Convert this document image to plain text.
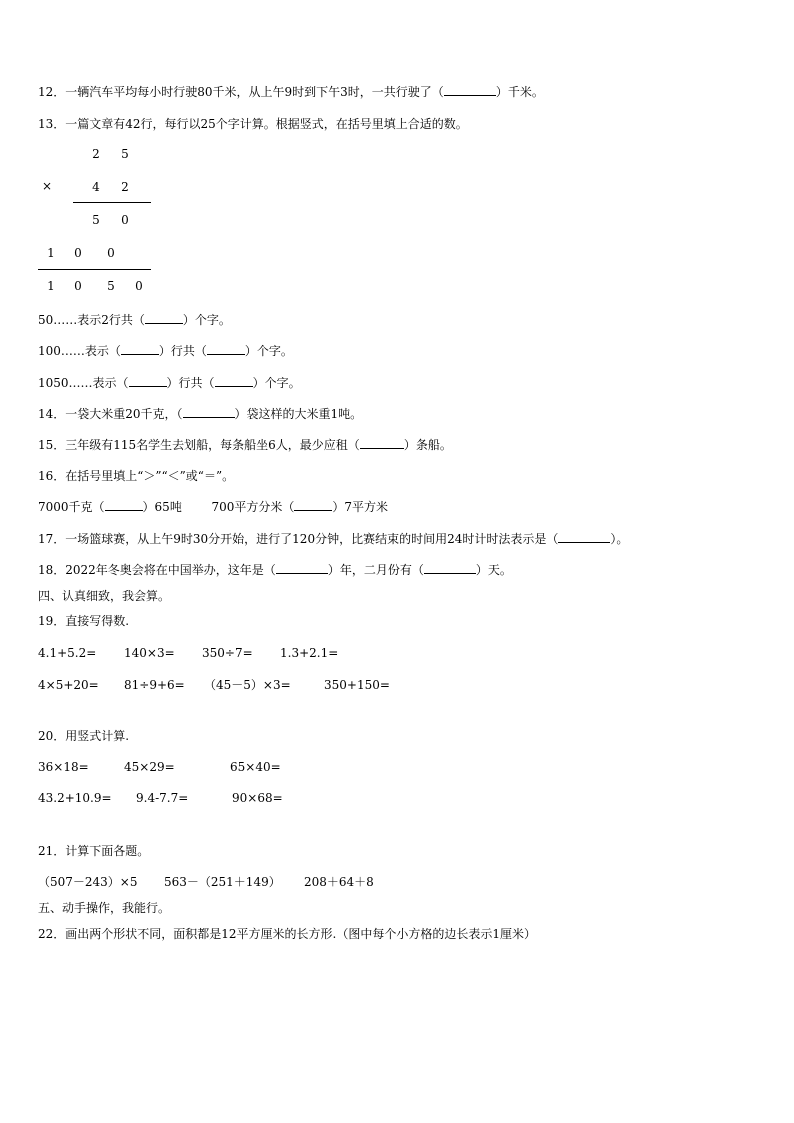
12．一辆汽车平均每小时行驶80千米，从上午9时到下午3时，一共行驶了（	）千米。
13．一篇文章有42行，每行以25个字计算。根据竖式，在括号里填上合适的数。
2 5
×	4 2
5 0
1 0 0
1 0 5 0
50……表示2行共（	）个字。
100……表示（	）行共（	）个字。
1050……表示（	）行共（	）个字。
14．一袋大米重20千克，（	）袋这样的大米重1吨。
15．三年级有115名学生去划船，每条船坐6人，最少应租（	）条船。
16．在括号里填上“＞”“＜”或“＝”。
7000千克（	）65吨 700平方分米（	）7平方米
17．一场篮球赛，从上午9时30分开始，进行了120分钟，比赛结束的时间用24时计时法表示是（	）。
18．2022年冬奥会将在中国举办，这年是（	）年，二月份有（	）天。
四、认真细致，我会算。
19．直接写得数.
4.1+5.2= 140×3= 350÷7= 1.3+2.1=
4×5+20= 81÷9+6= （45－5）×3=	350+150=
20．用竖式计算.
36×18=	45×29=	65×40=
43.2+10.9= 9.4-7.7=	90×68=
21．计算下面各题。
（507－243）×5 563－（251＋149） 208＋64＋8
五、动手操作，我能行。
22．画出两个形状不同，面积都是12平方厘米的长方形.（图中每个小方格的边长表示1厘米）
